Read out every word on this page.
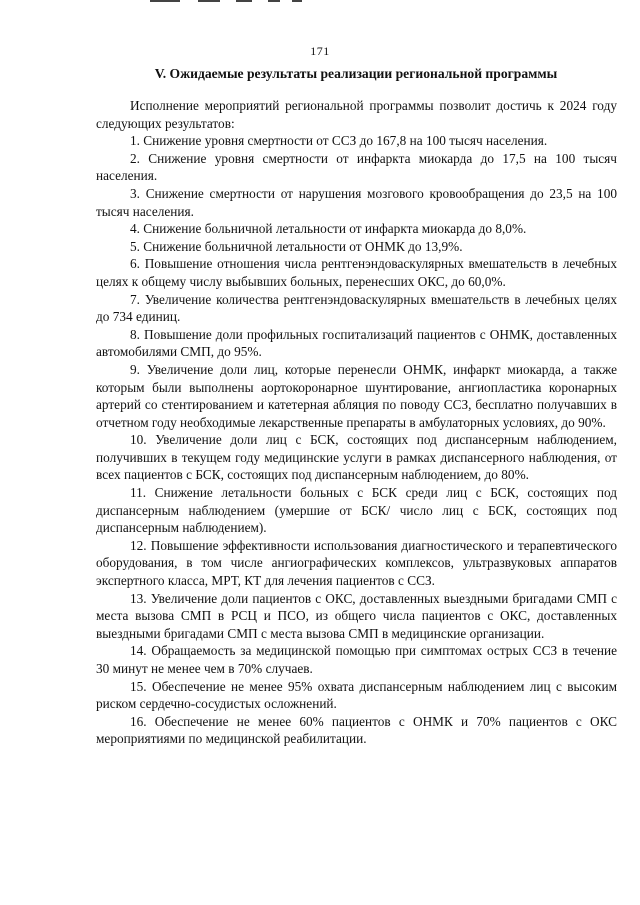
171
V. Ожидаемые результаты реализации региональной программы

Исполнение мероприятий региональной программы позволит достичь к 2024 году следующих результатов:

1. Снижение уровня смертности от ССЗ до 167,8 на 100 тысяч населения.

2. Снижение уровня смертности от инфаркта миокарда до 17,5 на 100 тысяч населения.

3. Снижение смертности от нарушения мозгового кровообращения до 23,5 на 100 тысяч населения.

4. Снижение больничной летальности от инфаркта миокарда до 8,0%.

5. Снижение больничной летальности от ОНМК до 13,9%.

6. Повышение отношения числа рентгенэндоваскулярных вмешательств в лечебных целях к общему числу выбывших больных, перенесших ОКС, до 60,0%.

7. Увеличение количества рентгенэндоваскулярных вмешательств в лечебных целях до 734 единиц.

8. Повышение доли профильных госпитализаций пациентов с ОНМК, доставленных автомобилями СМП, до 95%.

9. Увеличение доли лиц, которые перенесли ОНМК, инфаркт миокарда, а также которым были выполнены аортокоронарное шунтирование, ангиопластика коронарных артерий со стентированием и катетерная абляция по поводу ССЗ, бесплатно получавших в отчетном году необходимые лекарственные препараты в амбулаторных условиях, до 90%.

10. Увеличение доли лиц с БСК, состоящих под диспансерным наблюдением, получивших в текущем году медицинские услуги в рамках диспансерного наблюдения, от всех пациентов с БСК, состоящих под диспансерным наблюдением, до 80%.

11. Снижение летальности больных с БСК среди лиц с БСК, состоящих под диспансерным наблюдением (умершие от БСК/ число лиц с БСК, состоящих под диспансерным наблюдением).

12. Повышение эффективности использования диагностического и терапевтического оборудования, в том числе ангиографических комплексов, ультразвуковых аппаратов экспертного класса, МРТ, КТ для лечения пациентов с ССЗ.

13. Увеличение доли пациентов с ОКС, доставленных выездными бригадами СМП с места вызова СМП в РСЦ и ПСО, из общего числа пациентов с ОКС, доставленных выездными бригадами СМП с места вызова СМП в медицинские организации.

14. Обращаемость за медицинской помощью при симптомах острых ССЗ в течение 30 минут не менее чем в 70% случаев.

15. Обеспечение не менее 95% охвата диспансерным наблюдением лиц с высоким риском сердечно-сосудистых осложнений.

16. Обеспечение не менее 60% пациентов с ОНМК и 70% пациентов с ОКС мероприятиями по медицинской реабилитации.
